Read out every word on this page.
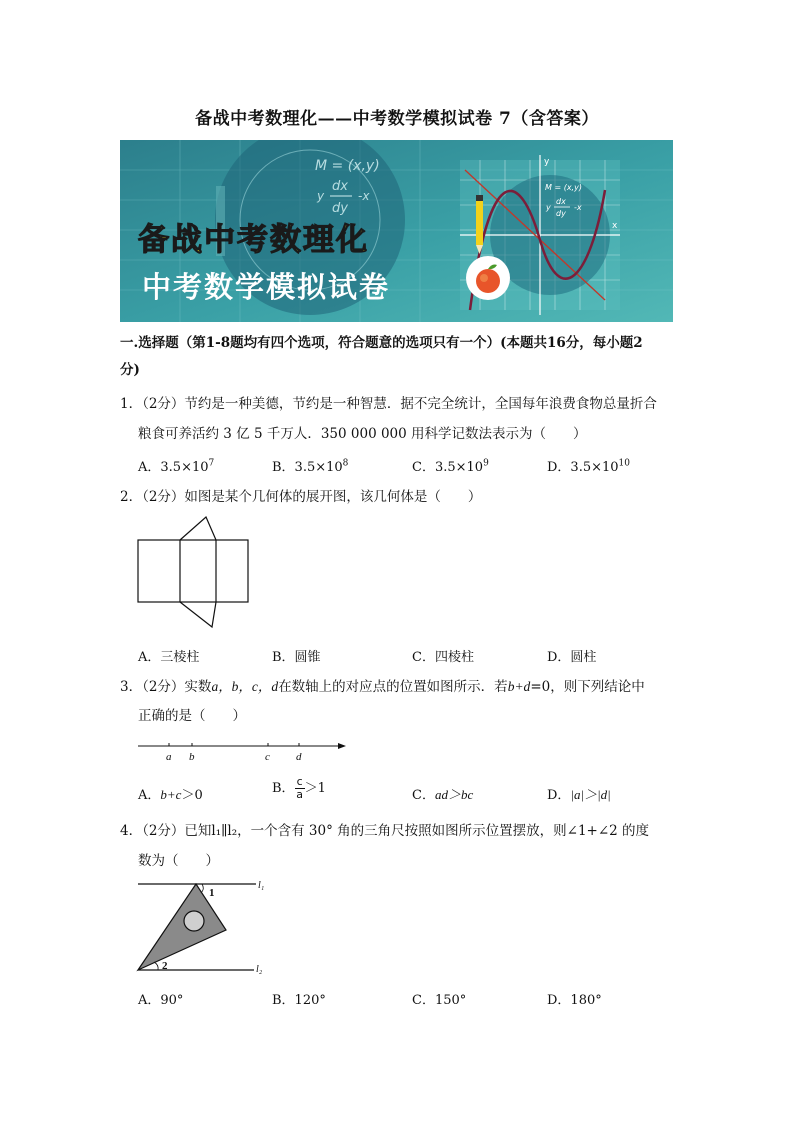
备战中考数理化——中考数学模拟试卷 7（含答案）
M = (x,y)
dx
dy
y	-x
y
x
M = (x,y)
dx
dy
y	-x
备战中考数理化
中考数学模拟试卷
一.选择题（第1-8题均有四个选项，符合题意的选项只有一个）(本题共16分，每小题2
分)
1．（2分）节约是一种美德，节约是一种智慧．据不完全统计，全国每年浪费食物总量折合
粮食可养活约 3 亿 5 千万人．350 000 000 用科学记数法表示为（　　）
A．$3.5\times 10^7$	B．$3.5\times 10^8$	C．$3.5\times 10^9$	D．$3.5\times 10^{10}$
2．（2分）如图是某个几何体的展开图，该几何体是（　　）
A．三棱柱	B．圆锥	C．四棱柱	D．圆柱
3．（2分）实数a，b，c，d在数轴上的对应点的位置如图所示．若b+d=0，则下列结论中
正确的是（　　）
a b	c d
A．b+c＞0	B． $\frac{c}{a} >1$	C．ad＞bc	D．|a|＞|d|
4．（2分）已知l₁∥l₂，一个含有 30° 角的三角尺按照如图所示位置摆放，则∠1+∠2 的度
数为（　　）
1
2
l₁
l₂
A．90°	B．120°	C．150°	D．180°
